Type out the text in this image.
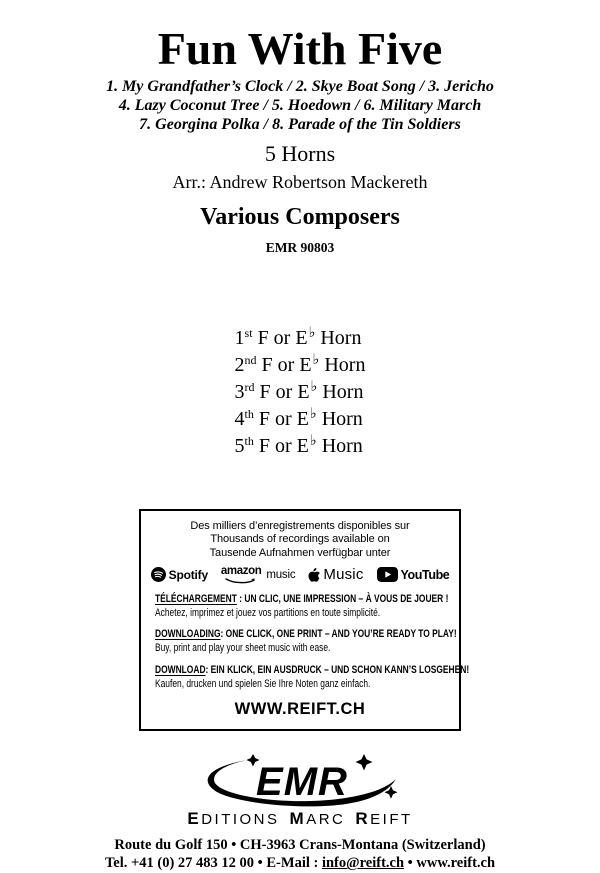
Fun With Five
1. My Grandfather’s Clock / 2. Skye Boat Song / 3. Jericho
4. Lazy Coconut Tree / 5. Hoedown / 6. Military March
7. Georgina Polka / 8. Parade of the Tin Soldiers
5 Horns
Arr.: Andrew Robertson Mackereth
Various Composers
EMR 90803
1st F or E♭ Horn
2nd F or E♭ Horn
3rd F or E♭ Horn
4th F or E♭ Horn
5th F or E♭ Horn
Des milliers d’enregistrements disponibles sur
Thousands of recordings available on
Tausende Aufnahmen verfügbar unter
Spotify amazon music Music	YouTube
TÉLÉCHARGEMENT : UN CLIC, UNE IMPRESSION – À VOUS DE JOUER !
Achetez, imprimez et jouez vos partitions en toute simplicité.
DOWNLOADING: ONE CLICK, ONE PRINT – AND YOU’RE READY TO PLAY!
Buy, print and play your sheet music with ease.
DOWNLOAD: EIN KLICK, EIN AUSDRUCK – UND SCHON KANN’S LOSGEHEN!
Kaufen, drucken und spielen Sie Ihre Noten ganz einfach.
WWW.REIFT.CH
EMR
EDITIONS MARC REIFT
Route du Golf 150 • CH-3963 Crans-Montana (Switzerland)
Tel. +41 (0) 27 483 12 00 • E-Mail : info@reift.ch • www.reift.ch
